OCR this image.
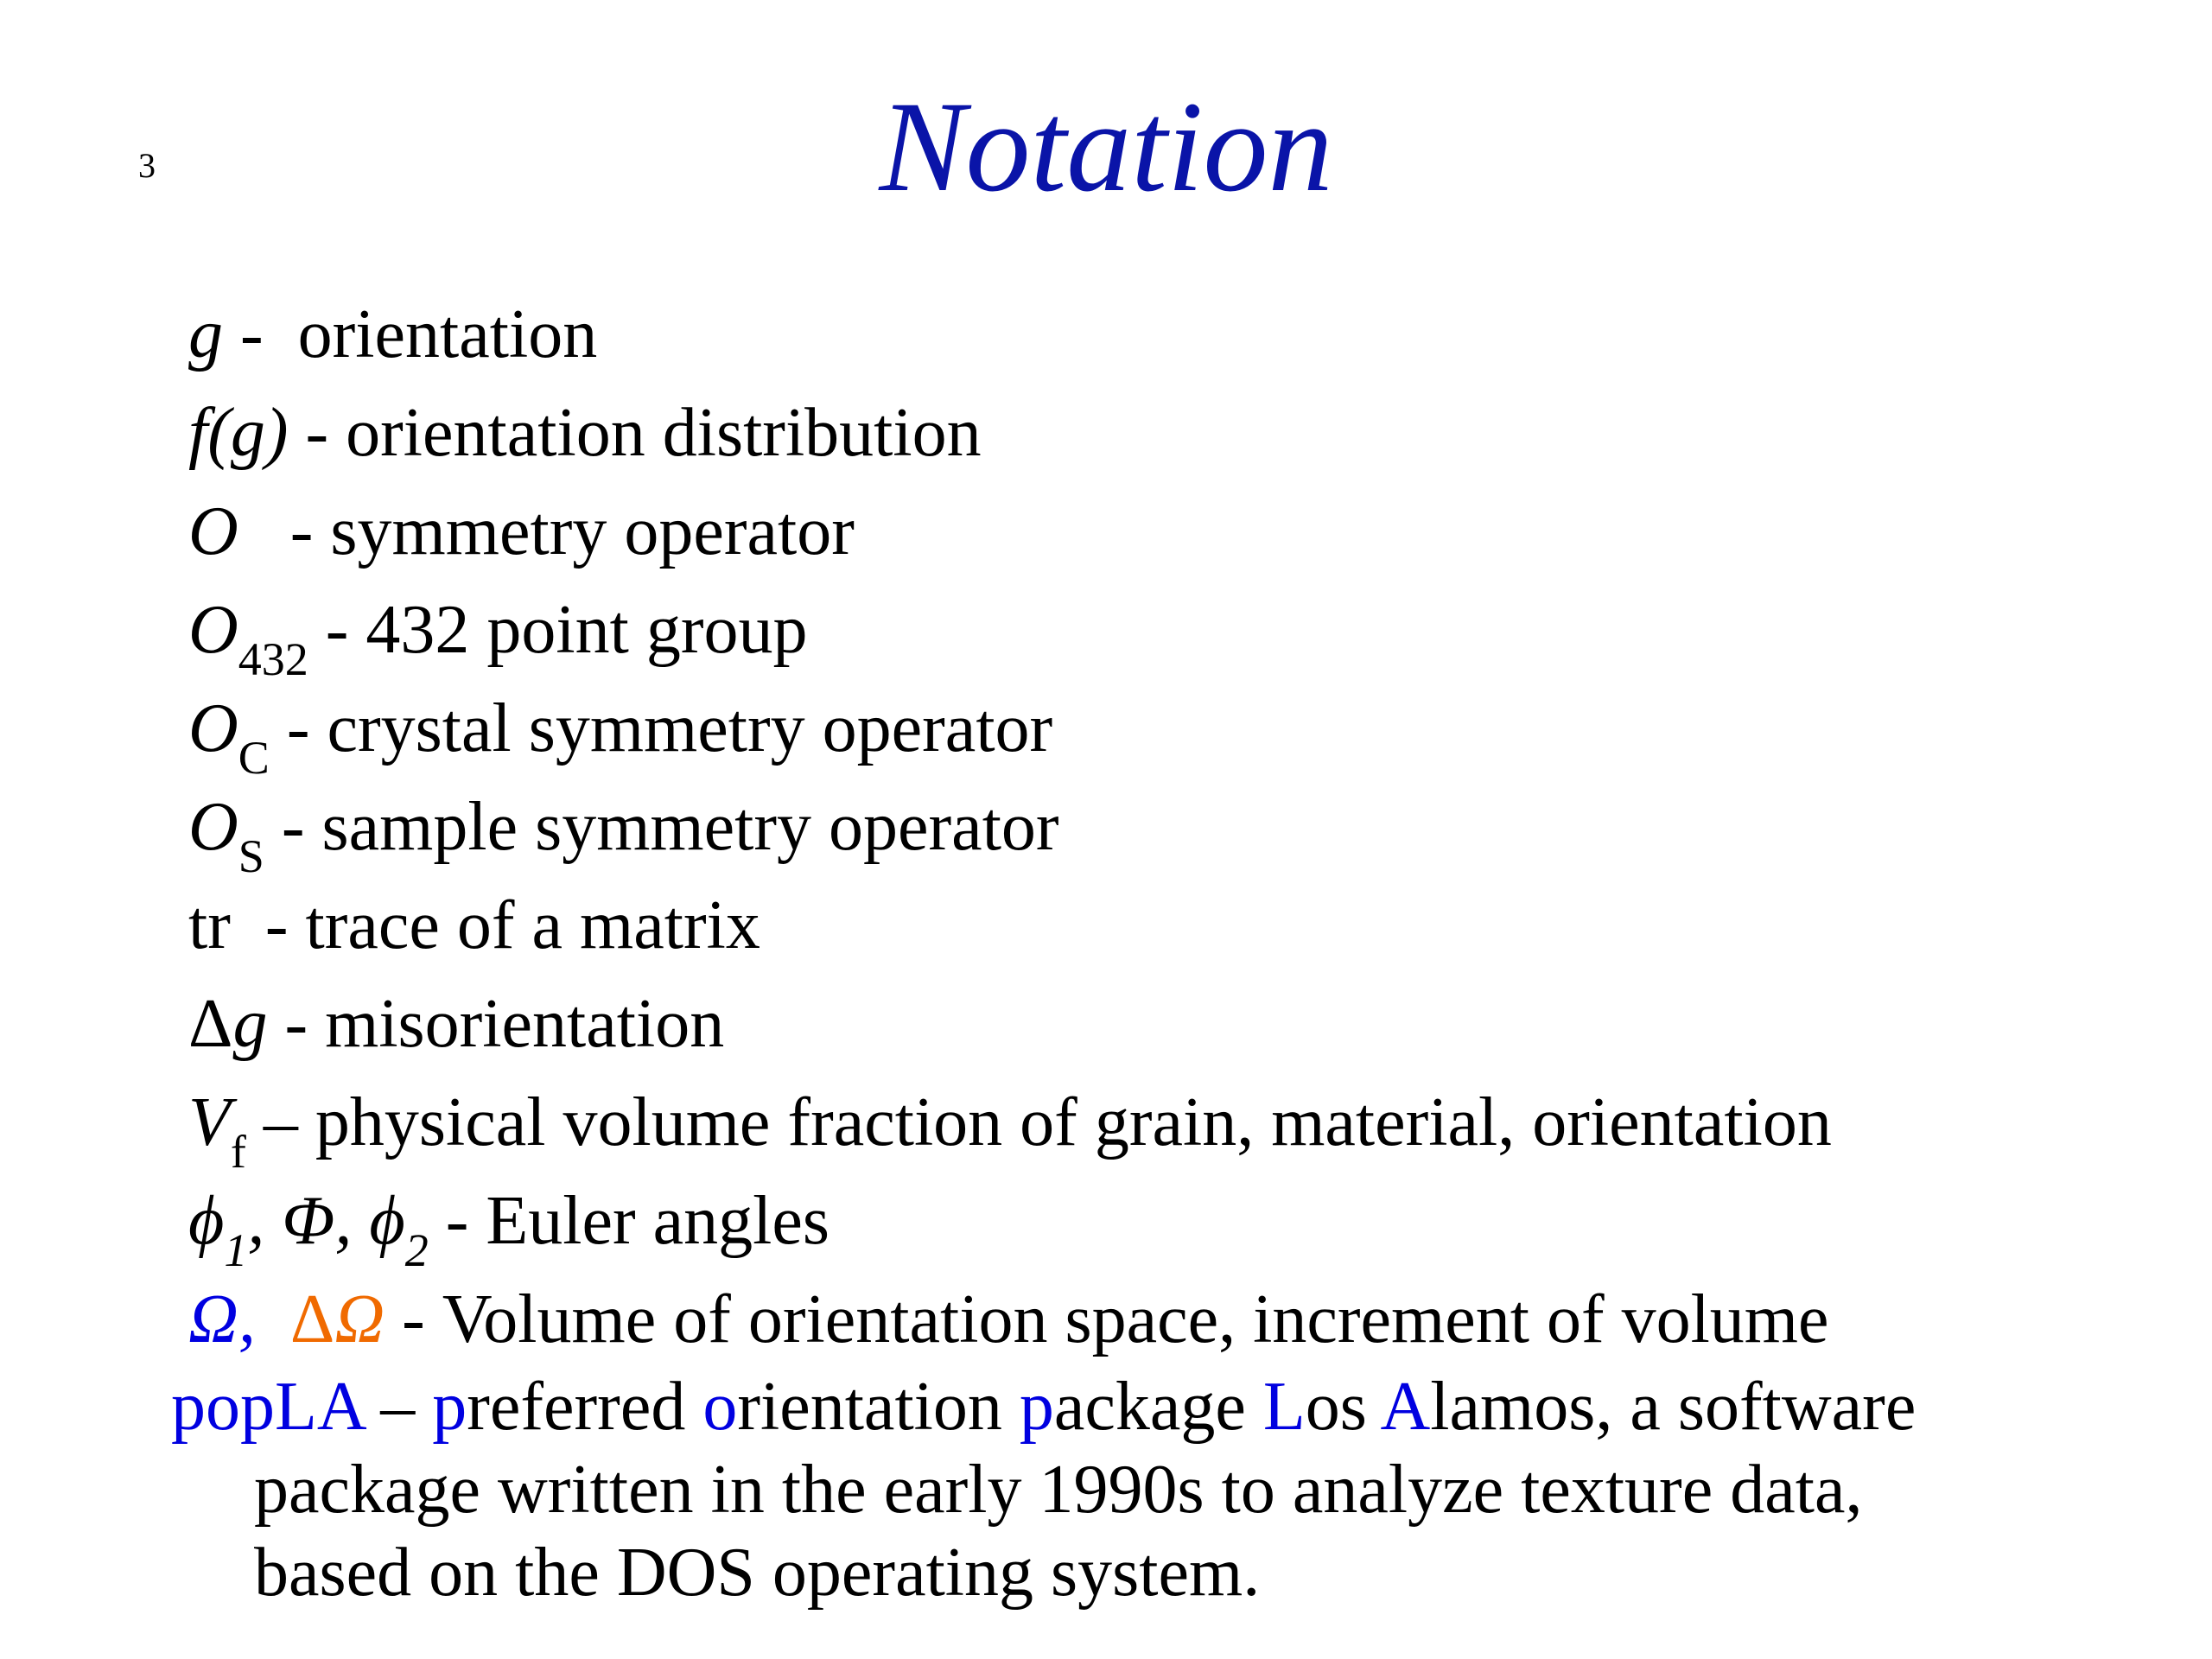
3	Notation
g -  orientation
f(g) - orientation distribution
O   - symmetry operator
$O_{432} - 432$ point group
$O_C$ - crystal symmetry operator
$O_S$ - sample symmetry operator
tr  - trace of a matrix
Δg - misorientation
$V_f$ – physical volume fraction of grain, material, orientation
$\phi_1$, Φ, $\phi_2$ - Euler angles
Ω,  ΔΩ - Volume of orientation space, increment of volume
popLA – preferred orientation package Los Alamos, a software
package written in the early 1990s to analyze texture data,
based on the DOS operating system.
